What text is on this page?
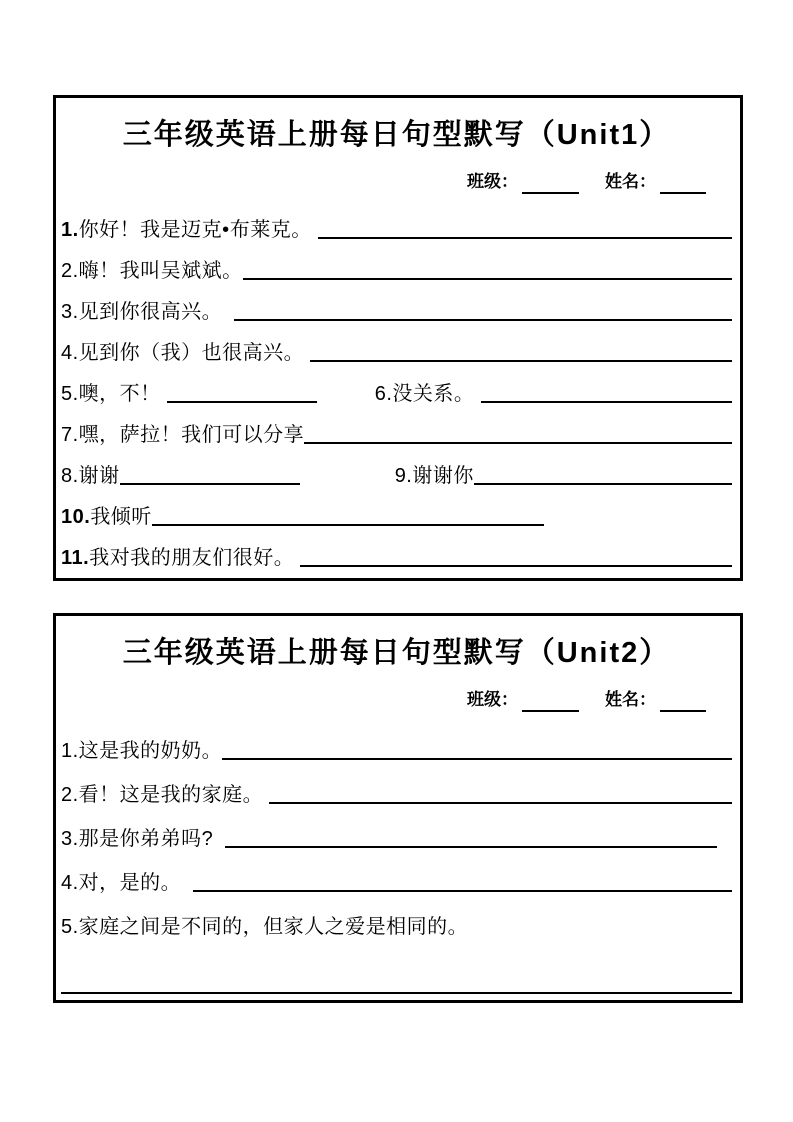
三年级英语上册每日句型默写（Unit1）
班级：	姓名：
1. 你好！我是迈克•布莱克。
2.嗨！我叫吴斌斌。
3.见到你很高兴。
4.见到你（我）也很高兴。
5.噢，不！	6.没关系。
7.嘿，萨拉！我们可以分享
8.谢谢	9.谢谢你
10. 我倾听
11. 我对我的朋友们很好。
三年级英语上册每日句型默写（Unit2）
班级：	姓名：
1.这是我的奶奶。
2.看！这是我的家庭。
3.那是你弟弟吗?
4.对，是的。
5.家庭之间是不同的，但家人之爱是相同的。
